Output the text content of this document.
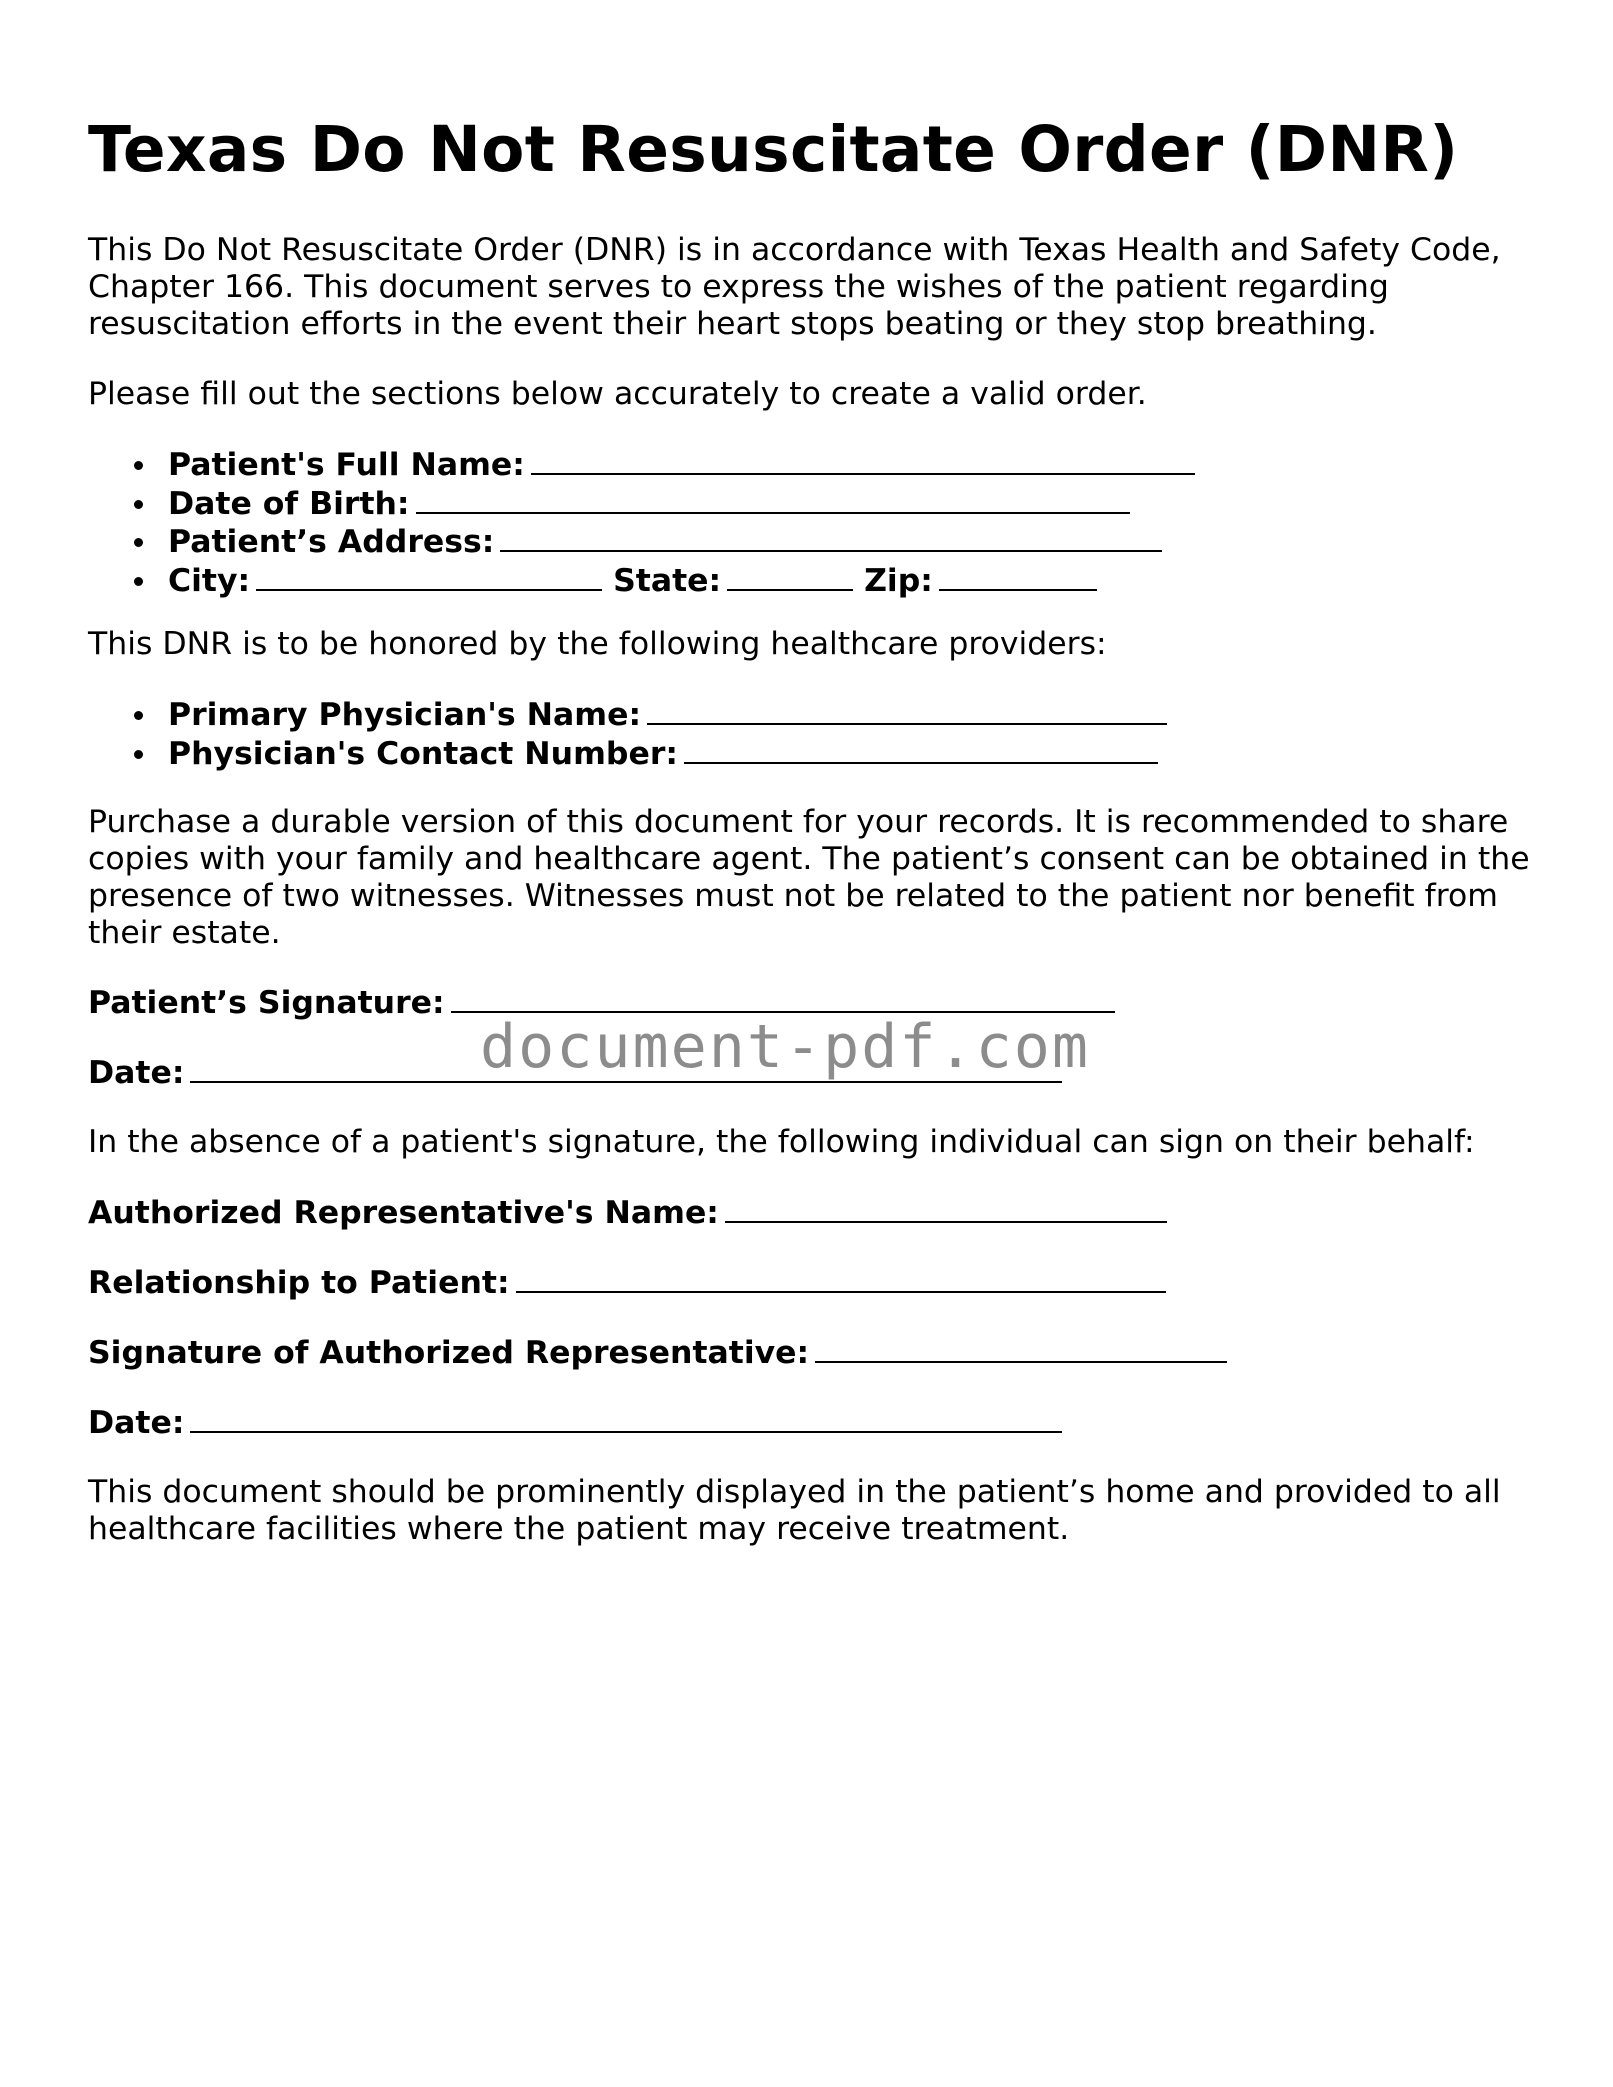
Texas Do Not Resuscitate Order (DNR)

This Do Not Resuscitate Order (DNR) is in accordance with Texas Health and Safety Code, Chapter 166. This document serves to express the wishes of the patient regarding resuscitation efforts in the event their heart stops beating or they stop breathing.

Please fill out the sections below accurately to create a valid order.

Patient's Full Name:
Date of Birth:
Patient’s Address:
City:	State:	Zip:

This DNR is to be honored by the following healthcare providers:

Primary Physician's Name:
Physician's Contact Number:

Purchase a durable version of this document for your records. It is recommended to share copies with your family and healthcare agent. The patient’s consent can be obtained in the presence of two witnesses. Witnesses must not be related to the patient nor benefit from their estate.

Patient’s Signature:

Date:

In the absence of a patient's signature, the following individual can sign on their behalf:

Authorized Representative's Name:

Relationship to Patient:

Signature of Authorized Representative:

Date:

This document should be prominently displayed in the patient’s home and provided to all healthcare facilities where the patient may receive treatment.

document-pdf.com
